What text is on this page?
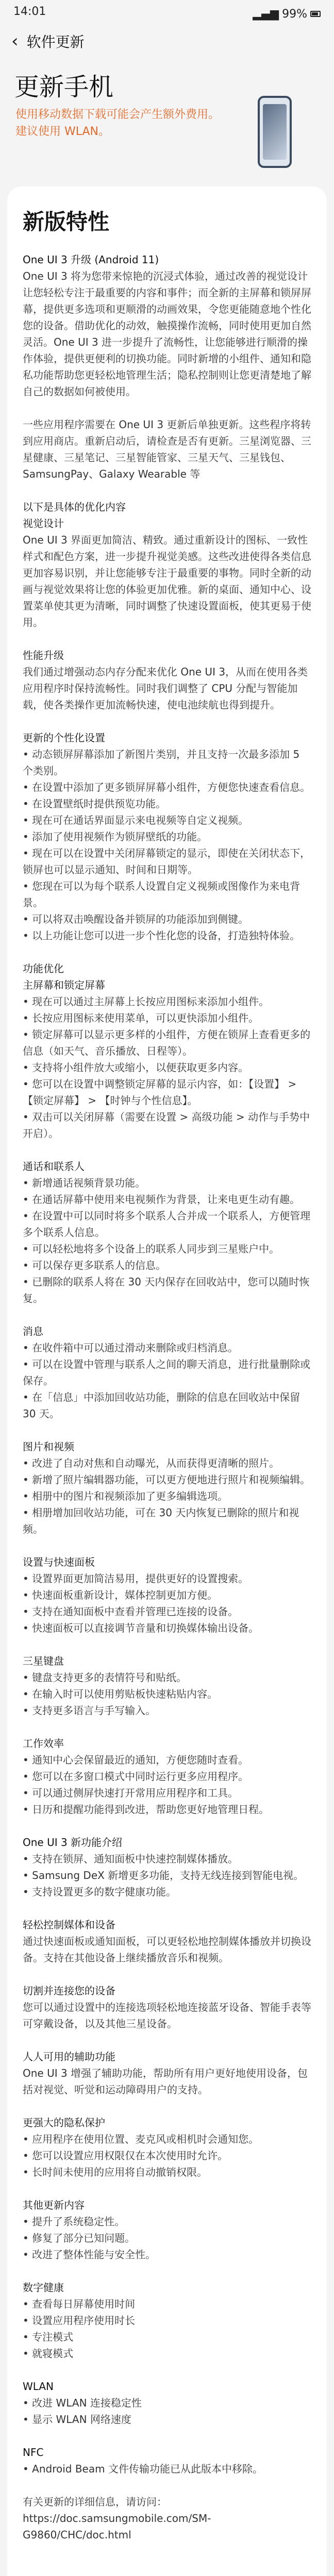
14:01	▂▄▆ 99%
‹ 软件更新
更新手机
使用移动数据下载可能会产生额外费用。建议使用 WLAN。
新版特性
One UI 3 升级 (Android 11)
One UI 3 将为您带来惊艳的沉浸式体验，通过改善的视觉设计让您轻松专注于最重要的内容和事件；而全新的主屏幕和锁屏屏幕，提供更多选项和更顺滑的动画效果，令您更能随意地个性化您的设备。借助优化的动效，触摸操作流畅，同时使用更加自然灵活。One UI 3 进一步提升了流畅性，让您能够进行顺滑的操作体验，提供更便利的切换功能。同时新增的小组件、通知和隐私功能帮助您更轻松地管理生活；隐私控制则让您更清楚地了解自己的数据如何被使用。
一些应用程序需要在 One UI 3 更新后单独更新。这些程序将转到应用商店。重新启动后，请检查是否有更新。三星浏览器、三星健康、三星笔记、三星智能管家、三星天气、三星钱包、SamsungPay、Galaxy Wearable 等
以下是具体的优化内容
视觉设计
One UI 3 界面更加简洁、精致。通过重新设计的图标、一致性样式和配色方案，进一步提升视觉美感。这些改进使得各类信息更加容易识别，并让您能够专注于最重要的事物。同时全新的动画与视觉效果将让您的体验更加优雅。新的桌面、通知中心、设置菜单使其更为清晰，同时调整了快速设置面板，使其更易于使用。
性能升级
我们通过增强动态内存分配来优化 One UI 3，从而在使用各类应用程序时保持流畅性。同时我们调整了 CPU 分配与智能加载，使各类操作更加流畅快速，使电池续航也得到提升。
更新的个性化设置
• 动态锁屏屏幕添加了新图片类别，并且支持一次最多添加 5 个类别。
• 在设置中添加了更多锁屏屏幕小组件，方便您快速查看信息。
• 在设置壁纸时提供预览功能。
• 现在可在通话界面显示来电视频等自定义视频。
• 添加了使用视频作为锁屏壁纸的功能。
• 现在可以在设置中关闭屏幕锁定的显示，即使在关闭状态下，锁屏也可以显示通知、时间和日期等。
• 您现在可以为每个联系人设置自定义视频或图像作为来电背景。
• 可以将双击唤醒设备并锁屏的功能添加到侧键。
• 以上功能让您可以进一步个性化您的设备，打造独特体验。
功能优化
主屏幕和锁定屏幕
• 现在可以通过主屏幕上长按应用图标来添加小组件。
• 长按应用图标来使用菜单，可以更快添加小组件。
• 锁定屏幕可以显示更多样的小组件，方便在锁屏上查看更多的信息（如天气、音乐播放、日程等）。
• 支持将小组件放大或缩小，以便获取更多内容。
• 您可以在设置中调整锁定屏幕的显示内容，如：【设置】 > 【锁定屏幕】 > 【时钟与个性信息】。
• 双击可以关闭屏幕（需要在设置 > 高级功能 > 动作与手势中开启）。
通话和联系人
• 新增通话视频背景功能。
• 在通话屏幕中使用来电视频作为背景，让来电更生动有趣。
• 在设置中可以同时将多个联系人合并成一个联系人，方便管理多个联系人信息。
• 可以轻松地将多个设备上的联系人同步到三星账户中。
• 可以保存更多联系人的信息。
• 已删除的联系人将在 30 天内保存在回收站中，您可以随时恢复。
消息
• 在收件箱中可以通过滑动来删除或归档消息。
• 可以在设置中管理与联系人之间的聊天消息，进行批量删除或保存。
• 在「信息」中添加回收站功能，删除的信息在回收站中保留 30 天。
图片和视频
• 改进了自动对焦和自动曝光，从而获得更清晰的照片。
• 新增了照片编辑器功能，可以更方便地进行照片和视频编辑。
• 相册中的图片和视频添加了更多编辑选项。
• 相册增加回收站功能，可在 30 天内恢复已删除的照片和视频。
设置与快速面板
• 设置界面更加简洁易用，提供更好的设置搜索。
• 快速面板重新设计，媒体控制更加方便。
• 支持在通知面板中查看并管理已连接的设备。
• 快速面板可以直接调节音量和切换媒体输出设备。
三星键盘
• 键盘支持更多的表情符号和贴纸。
• 在输入时可以使用剪贴板快速粘贴内容。
• 支持更多语言与手写输入。
工作效率
• 通知中心会保留最近的通知，方便您随时查看。
• 您可以在多窗口模式中同时运行更多应用程序。
• 可以通过侧屏快速打开常用应用程序和工具。
• 日历和提醒功能得到改进，帮助您更好地管理日程。
One UI 3 新功能介绍
• 支持在锁屏、通知面板中快速控制媒体播放。
• Samsung DeX 新增更多功能，支持无线连接到智能电视。
• 支持设置更多的数字健康功能。
轻松控制媒体和设备
通过快速面板或通知面板，可以更轻松地控制媒体播放并切换设备。支持在其他设备上继续播放音乐和视频。
切割并连接您的设备
您可以通过设置中的连接选项轻松地连接蓝牙设备、智能手表等可穿戴设备，以及其他三星设备。
人人可用的辅助功能
One UI 3 增强了辅助功能，帮助所有用户更好地使用设备，包括对视觉、听觉和运动障碍用户的支持。
更强大的隐私保护
• 应用程序在使用位置、麦克风或相机时会通知您。
• 您可以设置应用权限仅在本次使用时允许。
• 长时间未使用的应用将自动撤销权限。
其他更新内容
• 提升了系统稳定性。
• 修复了部分已知问题。
• 改进了整体性能与安全性。
数字健康
• 查看每日屏幕使用时间
• 设置应用程序使用时长
• 专注模式
• 就寝模式
WLAN
• 改进 WLAN 连接稳定性
• 显示 WLAN 网络速度
NFC
• Android Beam 文件传输功能已从此版本中移除。
有关更新的详细信息，请访问：https://doc.samsungmobile.com/SM-G9860/CHC/doc.html
